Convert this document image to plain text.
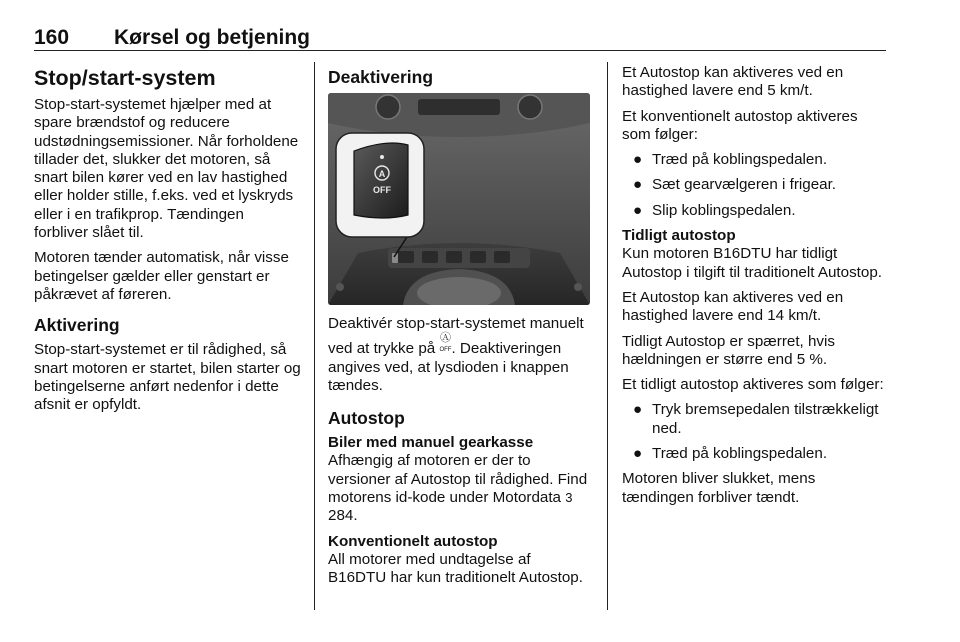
160 Kørsel og betjening
Stop/start-system

Stop-start-systemet hjælper med at spare brændstof og reducere udstødningsemissioner. Når forholdene tillader det, slukker det motoren, så snart bilen kører ved en lav hastighed eller holder stille, f.eks. ved et lyskryds eller i en trafikprop. Tændingen forbliver slået til.

Motoren tænder automatisk, når visse betingelser gælder eller genstart er påkrævet af føreren.

Aktivering

Stop-start-systemet er til rådighed, så snart motoren er startet, bilen starter og betingelserne anført nedenfor i dette afsnit er opfyldt.

Deaktivering
A
OFF

Deaktivér stop-start-systemet manuelt ved at trykke på Ⓐ
OFF. Deaktiveringen angives ved, at lysdioden i knappen tændes.

Autostop
Biler med manuel gearkasse

Afhængig af motoren er der to versioner af Autostop til rådighed. Find motorens id-kode under Motordata 3 284.

Konventionelt autostop

All motorer med undtagelse af B16DTU har kun traditionelt Autostop.

Et Autostop kan aktiveres ved en hastighed lavere end 5 km/t.

Et konventionelt autostop aktiveres som følger:

● Træd på koblingspedalen.
● Sæt gearvælgeren i frigear.
● Slip koblingspedalen.
Tidligt autostop

Kun motoren B16DTU har tidligt Autostop i tilgift til traditionelt Autostop.

Et Autostop kan aktiveres ved en hastighed lavere end 14 km/t.

Tidligt Autostop er spærret, hvis hældningen er større end 5 %.

Et tidligt autostop aktiveres som følger:

● Tryk bremsepedalen tilstrækkeligt ned.
● Træd på koblingspedalen.

Motoren bliver slukket, mens tændingen forbliver tændt.
